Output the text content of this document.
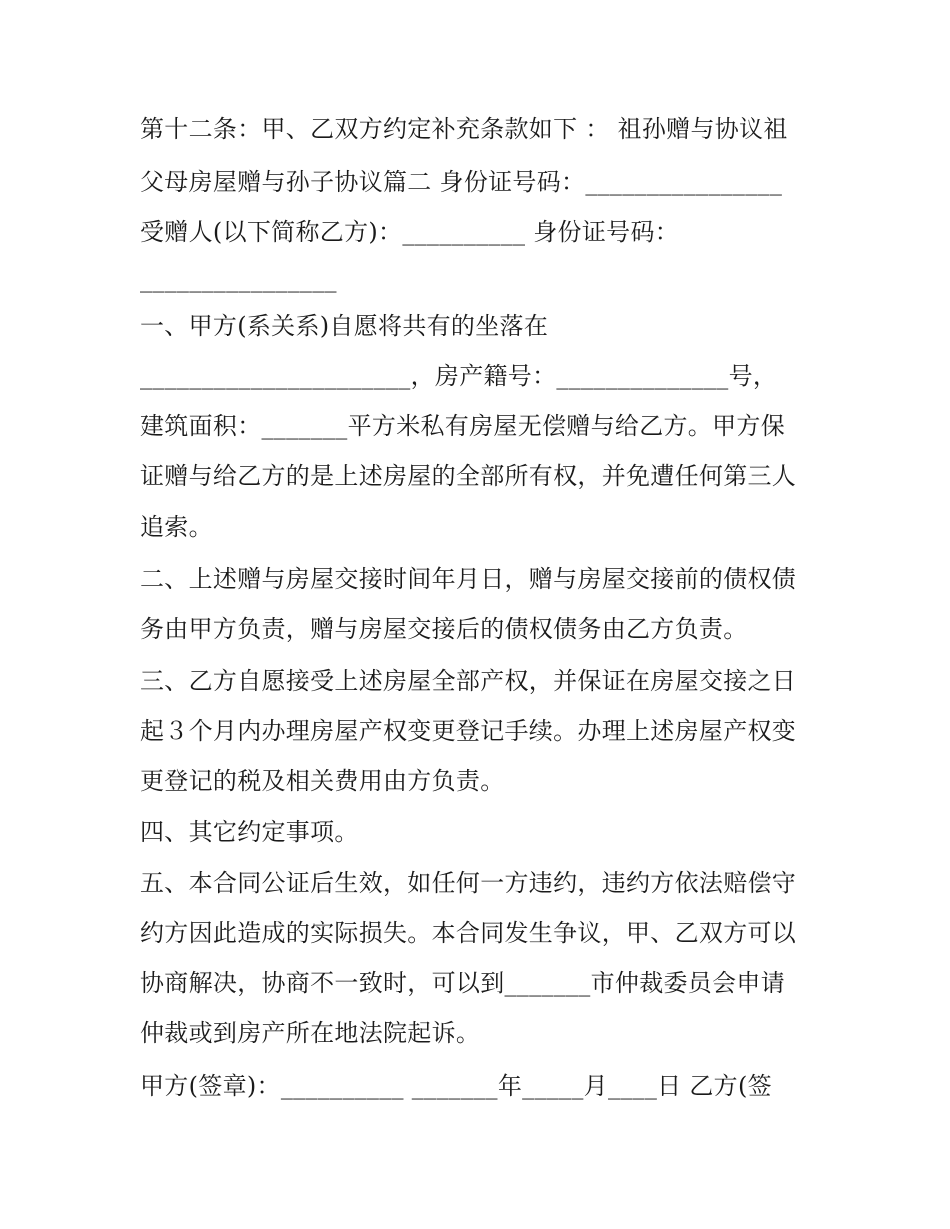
第十二条：甲、乙双方约定补充条款如下 ： 祖孙赠与协议祖
父母房屋赠与孙子协议篇二 身份证号码：________________
受赠人(以下简称乙方)：__________ 身份证号码：
________________
一、甲方(系关系)自愿将共有的坐落在
______________________，房产籍号：______________号，
建筑面积：_______平方米私有房屋无偿赠与给乙方。甲方保
证赠与给乙方的是上述房屋的全部所有权，并免遭任何第三人
追索。
二、上述赠与房屋交接时间年月日，赠与房屋交接前的债权债
务由甲方负责，赠与房屋交接后的债权债务由乙方负责。
三、乙方自愿接受上述房屋全部产权，并保证在房屋交接之日
起３个月内办理房屋产权变更登记手续。办理上述房屋产权变
更登记的税及相关费用由方负责。
四、其它约定事项。
五、本合同公证后生效，如任何一方违约，违约方依法赔偿守
约方因此造成的实际损失。本合同发生争议，甲、乙双方可以
协商解决，协商不一致时，可以到_______市仲裁委员会申请
仲裁或到房产所在地法院起诉。
甲方(签章)：__________ _______年_____月____日 乙方(签
